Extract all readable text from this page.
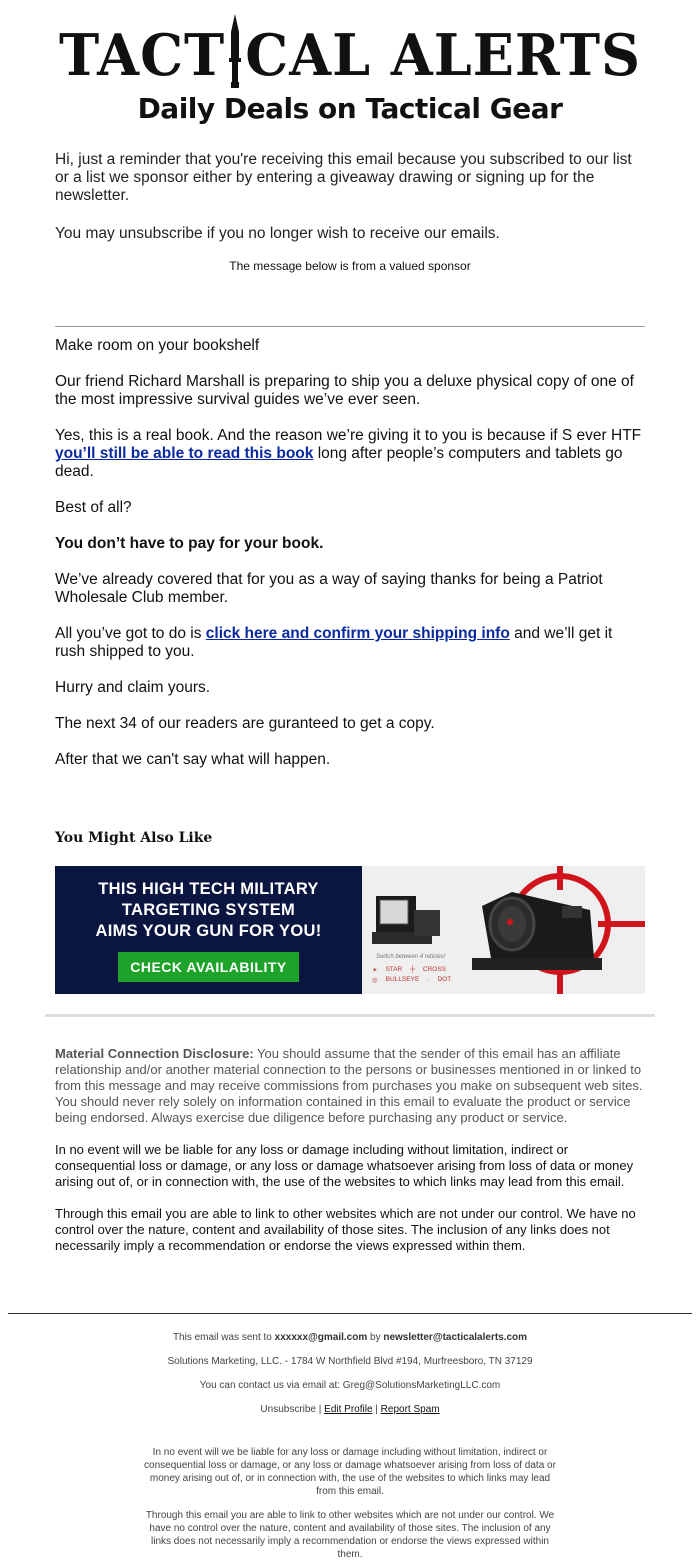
TACT CAL ALERTS
Daily Deals on Tactical Gear

Hi, just a reminder that you're receiving this email because you subscribed to our list or a list we sponsor either by entering a giveaway drawing or signing up for the newsletter.

You may unsubscribe if you no longer wish to receive our emails.

The message below is from a valued sponsor

Make room on your bookshelf

Our friend Richard Marshall is preparing to ship you a deluxe physical copy of one of the most impressive survival guides we’ve ever seen.

Yes, this is a real book. And the reason we’re giving it to you is because if S ever HTF you’ll still be able to read this book long after people’s computers and tablets go dead.

Best of all?

You don’t have to pay for your book.

We’ve already covered that for you as a way of saying thanks for being a Patriot Wholesale Club member.

All you’ve got to do is click here and confirm your shipping info and we’ll get it rush shipped to you.

Hurry and claim yours.

The next 34 of our readers are guranteed to get a copy.

After that we can't say what will happen.

You Might Also Like
THIS HIGH TECH MILITARY
TARGETING SYSTEM
AIMS YOUR GUN FOR YOU!
CHECK AVAILABILITY
Switch between 4 reticles!
✶ STAR ┼ CROSS
◎ BULLSEYE · DOT

Material Connection Disclosure: You should assume that the sender of this email has an affiliate relationship and/or another material connection to the persons or businesses mentioned in or linked to from this message and may receive commissions from purchases you make on subsequent web sites. You should never rely solely on information contained in this email to evaluate the product or service being endorsed. Always exercise due diligence before purchasing any product or service.

In no event will we be liable for any loss or damage including without limitation, indirect or consequential loss or damage, or any loss or damage whatsoever arising from loss of data or money arising out of, or in connection with, the use of the websites to which links may lead from this email.

Through this email you are able to link to other websites which are not under our control. We have no control over the nature, content and availability of those sites. The inclusion of any links does not necessarily imply a recommendation or endorse the views expressed within them.

This email was sent to xxxxxx@gmail.com by newsletter@tacticalalerts.com
Solutions Marketing, LLC. - 1784 W Northfield Blvd #194, Murfreesboro, TN 37129
You can contact us via email at: Greg@SolutionsMarketingLLC.com
Unsubscribe | Edit Profile | Report Spam

In no event will we be liable for any loss or damage including without limitation, indirect or consequential loss or damage, or any loss or damage whatsoever arising from loss of data or money arising out of, or in connection with, the use of the websites to which links may lead from this email.

Through this email you are able to link to other websites which are not under our control. We have no control over the nature, content and availability of those sites. The inclusion of any links does not necessarily imply a recommendation or endorse the views expressed within them.
